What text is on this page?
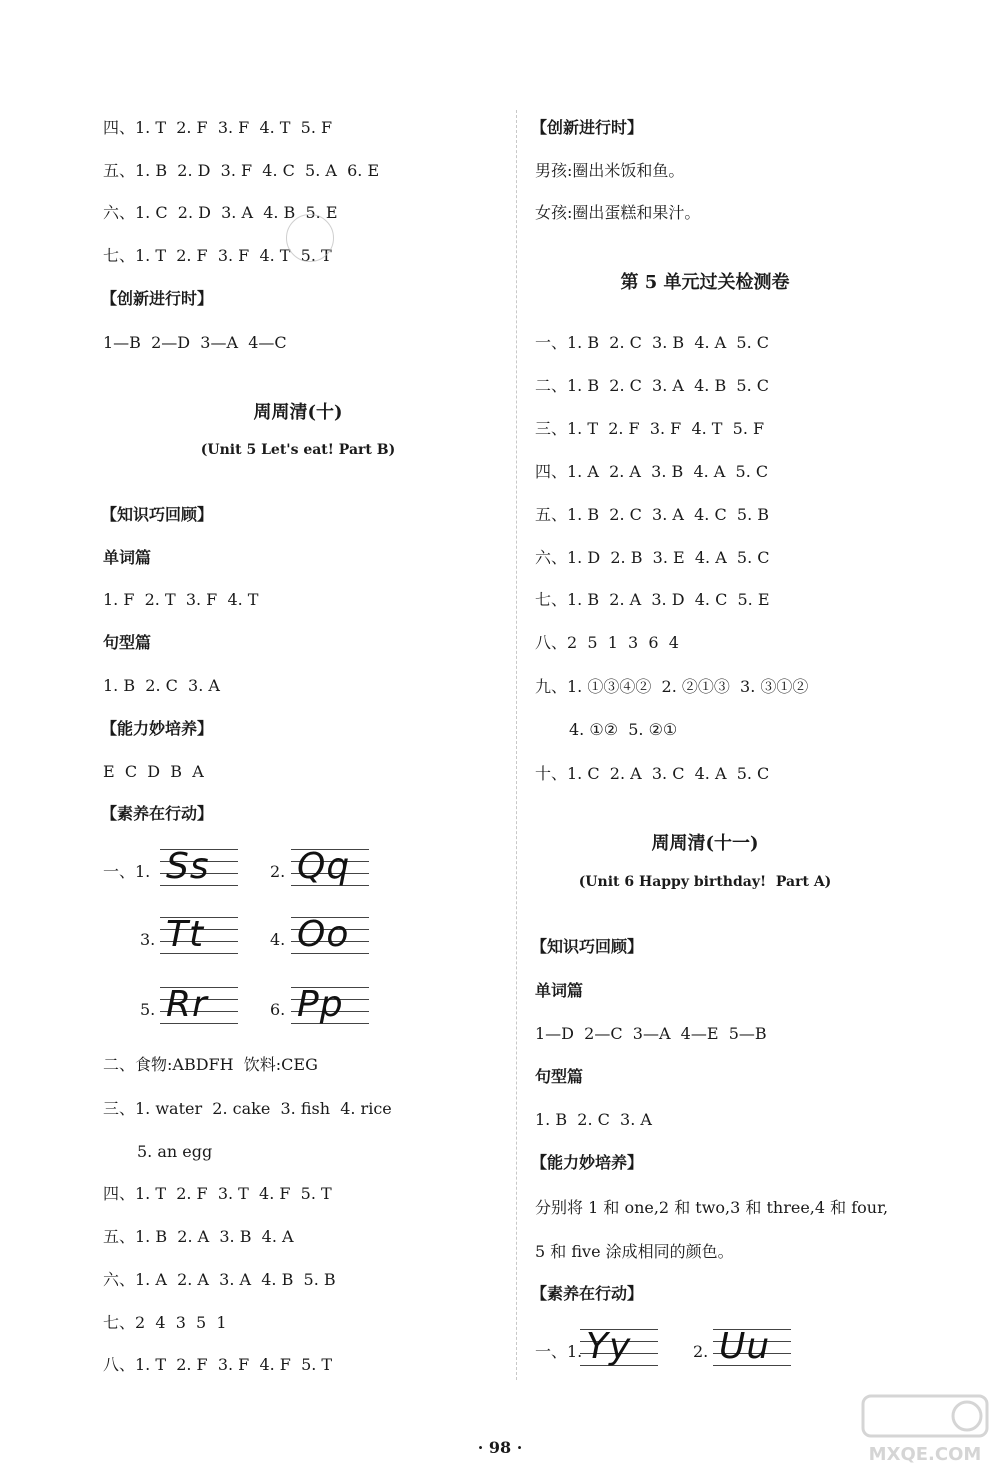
四、1. T  2. F  3. F  4. T  5. F
五、1. B  2. D  3. F  4. C  5. A  6. E
六、1. C  2. D  3. A  4. B  5. E
七、1. T  2. F  3. F  4. T  5. T
【创新进行时】
1—B  2—D  3—A  4—C
周周清(十)
(Unit 5 Let's eat! Part B)
【知识巧回顾】
单词篇
1. F  2. T  3. F  4. T
句型篇
1. B  2. C  3. A
【能力妙培养】
E  C  D  B  A
【素养在行动】
一、1. Ss	2. Qq
3. Tt	4. Oo
5. Rr	6. Pp
二、食物:ABDFH  饮料:CEG
三、1. water  2. cake  3. fish  4. rice
5. an egg
四、1. T  2. F  3. T  4. F  5. T
五、1. B  2. A  3. B  4. A
六、1. A  2. A  3. A  4. B  5. B
七、2  4  3  5  1
八、1. T  2. F  3. F  4. F  5. T
【创新进行时】
男孩:圈出米饭和鱼。
女孩:圈出蛋糕和果汁。
第 5 单元过关检测卷
一、1. B  2. C  3. B  4. A  5. C
二、1. B  2. C  3. A  4. B  5. C
三、1. T  2. F  3. F  4. T  5. F
四、1. A  2. A  3. B  4. A  5. C
五、1. B  2. C  3. A  4. C  5. B
六、1. D  2. B  3. E  4. A  5. C
七、1. B  2. A  3. D  4. C  5. E
八、2  5  1  3  6  4
九、1. ①③④②  2. ②①③  3. ③①②
4. ①②  5. ②①
十、1. C  2. A  3. C  4. A  5. C
周周清(十一)
(Unit 6 Happy birthday!  Part A)
【知识巧回顾】
单词篇
1—D  2—C  3—A  4—E  5—B
句型篇
1. B  2. C  3. A
【能力妙培养】
分别将 1 和 one,2 和 two,3 和 three,4 和 four,
5 和 five 涂成相同的颜色。
【素养在行动】
一、1. Yy	2. Uu
· 98 ·	MXQE.COM
